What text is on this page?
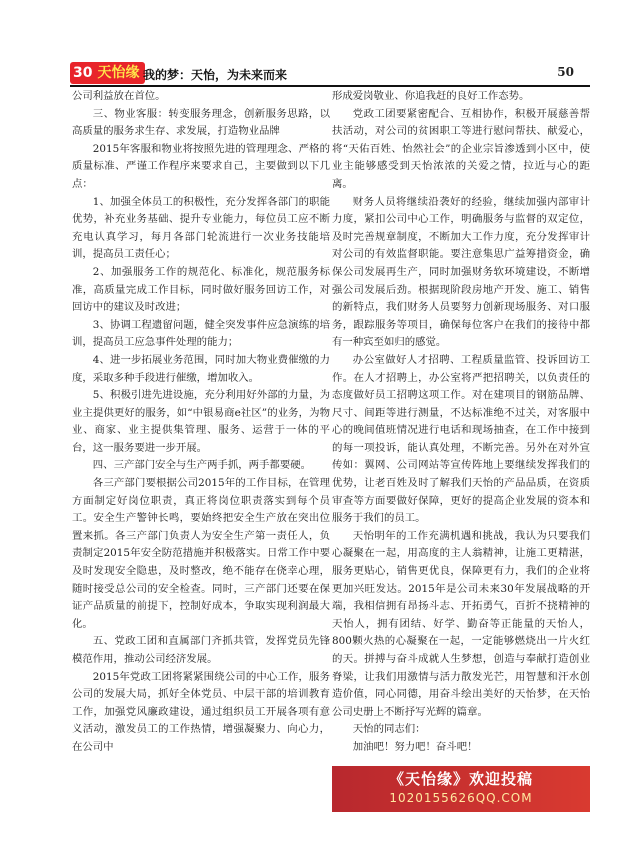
30 天怡缘 我的梦：天怡，为未来而来	50

公司利益放在首位。

三、物业客服：转变服务理念，创新服务思路，以高质量的服务求生存、求发展，打造物业品牌

2015年客服和物业将按照先进的管理理念、严格的质量标准、严谨工作程序来要求自己，主要做到以下几点：

1、加强全体员工的积极性，充分发挥各部门的职能优势，补充业务基础、提升专业能力，每位员工应不断充电认真学习，每月各部门轮流进行一次业务技能培训，提高员工责任心；

2、加强服务工作的规范化、标准化，规范服务标准，高质量完成工作目标，同时做好服务回访工作，对回访中的建议及时改进；

3、协调工程遗留问题，健全突发事件应急演练的培训，提高员工应急事件处理的能力；

4、进一步拓展业务范围，同时加大物业费催缴的力度，采取多种手段进行催缴，增加收入。

5、积极引进先进设施，充分利用好外部的力量，为业主提供更好的服务，如“中银易商e社区”的业务，为物业、商家、业主提供集管理、服务、运营于一体的平台，这一服务要进一步开展。

四、三产部门安全与生产两手抓，两手都要硬。

各三产部门要根据公司2015年的工作目标，在管理方面制定好岗位职责，真正将岗位职责落实到每个员工。安全生产警钟长鸣，要始终把安全生产放在突出位置来抓。各三产部门负责人为安全生产第一责任人，负责制定2015年安全防范措施并积极落实。日常工作中要及时发现安全隐患，及时整改，绝不能存在侥幸心理，随时接受总公司的安全检查。同时，三产部门还要在保证产品质量的前提下，控制好成本，争取实现利润最大化。

五、党政工团和直属部门齐抓共管，发挥党员先锋模范作用，推动公司经济发展。

2015年党政工团将紧紧围绕公司的中心工作，服务公司的发展大局，抓好全体党员、中层干部的培训教育工作，加强党风廉政建设，通过组织员工开展各项有意义活动，激发员工的工作热情，增强凝聚力、向心力，在公司中

形成爱岗敬业、你追我赶的良好工作态势。

党政工团要紧密配合、互相协作，积极开展慈善帮扶活动，对公司的贫困职工等进行慰问帮扶、献爱心，将“天佑百姓、怡然社会”的企业宗旨渗透到小区中，使业主能够感受到天怡浓浓的关爱之情，拉近与心的距离。

财务人员将继续沿袭好的经验，继续加强内部审计力度，紧扣公司中心工作，明确服务与监督的双定位，及时完善规章制度，不断加大工作力度，充分发挥审计对公司的有效监督职能。要注意集思广益筹措资金，确保公司发展再生产，同时加强财务软环境建设，不断增强公司发展后劲。根据现阶段房地产开发、施工、销售的新特点，我们财务人员要努力创新现场服务、对口服务，跟踪服务等项目，确保每位客户在我们的接待中都有一种宾至如归的感觉。

办公室做好人才招聘、工程质量监管、投诉回访工作。在人才招聘上，办公室将严把招聘关，以负责任的态度做好员工招聘这项工作。对在建项目的钢筋品牌、尺寸、间距等进行测量，不达标准绝不过关，对客服中心的晚间值班情况进行电话和现场抽查，在工作中接到的每一项投诉，能认真处理，不断完善。另外在对外宣传如：翼网、公司网站等宣传阵地上要继续发挥我们的优势，让老百姓及时了解我们天怡的产品品质，在资质审查等方面要做好保障，更好的提高企业发展的资本和服务于我们的员工。

天怡明年的工作充满机遇和挑战，我认为只要我们心凝聚在一起，用高度的主人翁精神，让施工更精湛，服务更贴心，销售更优良，保障更有力，我们的企业将更加兴旺发达。2015年是公司未来30年发展战略的开端，我相信拥有昂扬斗志、开拓勇气，百折不挠精神的天怡人，拥有团结、好学、勤奋等正能量的天怡人，800颗火热的心凝聚在一起，一定能够燃烧出一片火红的天。拼搏与奋斗成就人生梦想，创造与奉献打造创业脊梁，让我们用激情与活力散发光芒，用智慧和汗水创造价值，同心同德，用奋斗绘出美好的天怡梦，在天怡公司史册上不断抒写光辉的篇章。

天怡的同志们：

加油吧！努力吧！奋斗吧！

《天怡缘》欢迎投稿
1020155626QQ.COM
